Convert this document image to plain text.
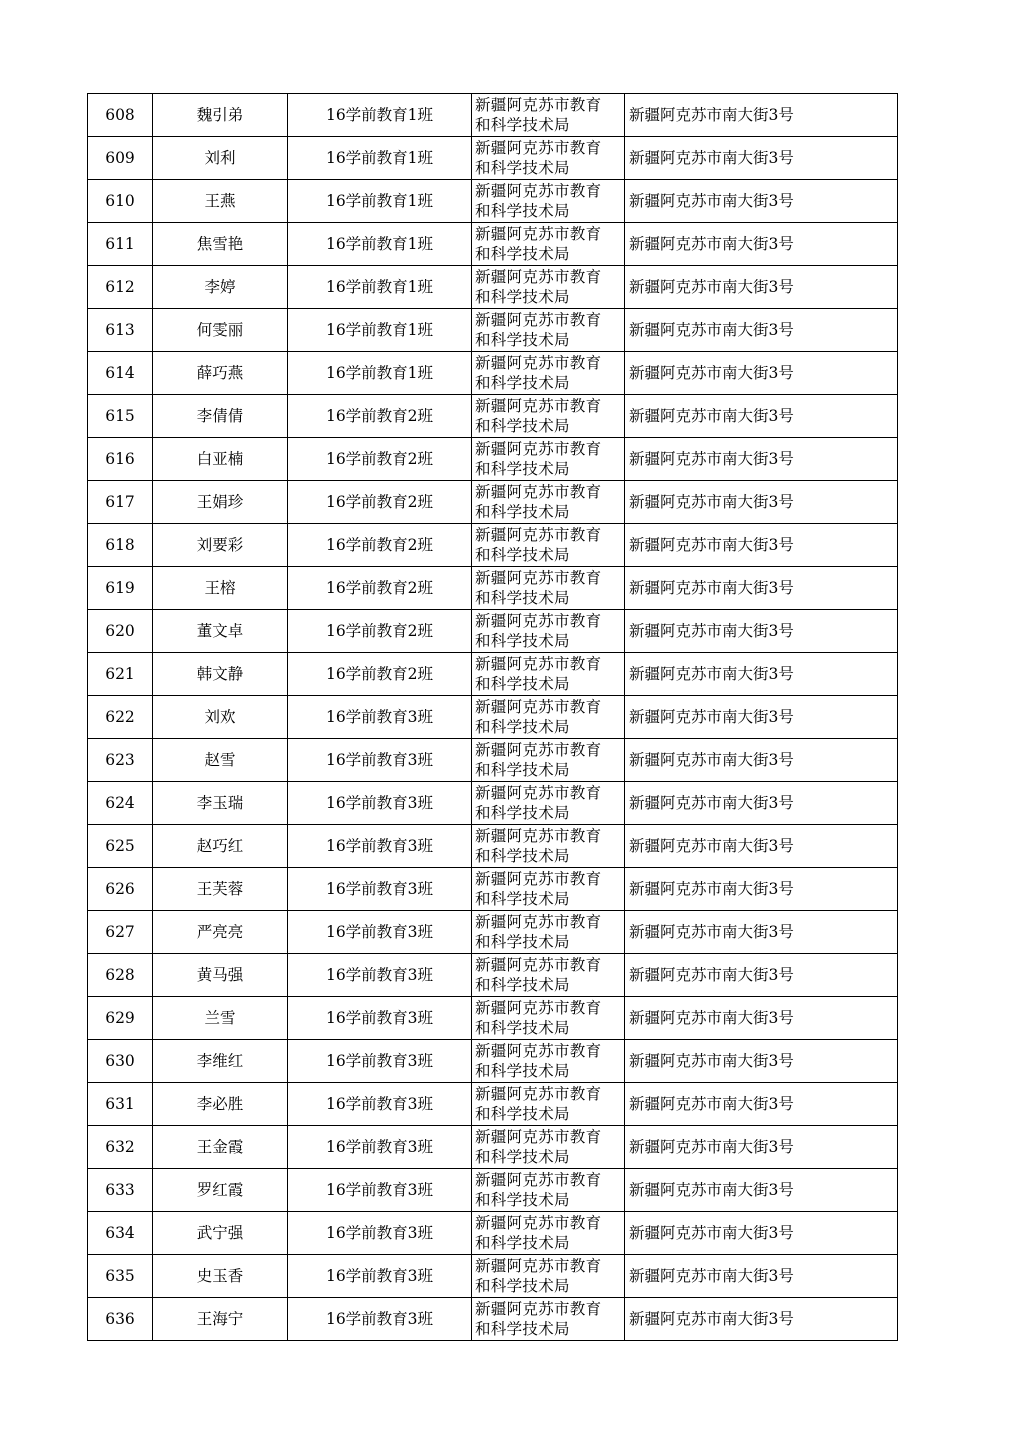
608	魏引弟	16学前教育1班	新疆阿克苏市教育和科学技术局	新疆阿克苏市南大街3号
609	刘利	16学前教育1班	新疆阿克苏市教育和科学技术局	新疆阿克苏市南大街3号
610	王燕	16学前教育1班	新疆阿克苏市教育和科学技术局	新疆阿克苏市南大街3号
611	焦雪艳	16学前教育1班	新疆阿克苏市教育和科学技术局	新疆阿克苏市南大街3号
612	李婷	16学前教育1班	新疆阿克苏市教育和科学技术局	新疆阿克苏市南大街3号
613	何雯丽	16学前教育1班	新疆阿克苏市教育和科学技术局	新疆阿克苏市南大街3号
614	薛巧燕	16学前教育1班	新疆阿克苏市教育和科学技术局	新疆阿克苏市南大街3号
615	李倩倩	16学前教育2班	新疆阿克苏市教育和科学技术局	新疆阿克苏市南大街3号
616	白亚楠	16学前教育2班	新疆阿克苏市教育和科学技术局	新疆阿克苏市南大街3号
617	王娟珍	16学前教育2班	新疆阿克苏市教育和科学技术局	新疆阿克苏市南大街3号
618	刘要彩	16学前教育2班	新疆阿克苏市教育和科学技术局	新疆阿克苏市南大街3号
619	王榕	16学前教育2班	新疆阿克苏市教育和科学技术局	新疆阿克苏市南大街3号
620	董文卓	16学前教育2班	新疆阿克苏市教育和科学技术局	新疆阿克苏市南大街3号
621	韩文静	16学前教育2班	新疆阿克苏市教育和科学技术局	新疆阿克苏市南大街3号
622	刘欢	16学前教育3班	新疆阿克苏市教育和科学技术局	新疆阿克苏市南大街3号
623	赵雪	16学前教育3班	新疆阿克苏市教育和科学技术局	新疆阿克苏市南大街3号
624	李玉瑞	16学前教育3班	新疆阿克苏市教育和科学技术局	新疆阿克苏市南大街3号
625	赵巧红	16学前教育3班	新疆阿克苏市教育和科学技术局	新疆阿克苏市南大街3号
626	王芙蓉	16学前教育3班	新疆阿克苏市教育和科学技术局	新疆阿克苏市南大街3号
627	严亮亮	16学前教育3班	新疆阿克苏市教育和科学技术局	新疆阿克苏市南大街3号
628	黄马强	16学前教育3班	新疆阿克苏市教育和科学技术局	新疆阿克苏市南大街3号
629	兰雪	16学前教育3班	新疆阿克苏市教育和科学技术局	新疆阿克苏市南大街3号
630	李维红	16学前教育3班	新疆阿克苏市教育和科学技术局	新疆阿克苏市南大街3号
631	李必胜	16学前教育3班	新疆阿克苏市教育和科学技术局	新疆阿克苏市南大街3号
632	王金霞	16学前教育3班	新疆阿克苏市教育和科学技术局	新疆阿克苏市南大街3号
633	罗红霞	16学前教育3班	新疆阿克苏市教育和科学技术局	新疆阿克苏市南大街3号
634	武宁强	16学前教育3班	新疆阿克苏市教育和科学技术局	新疆阿克苏市南大街3号
635	史玉香	16学前教育3班	新疆阿克苏市教育和科学技术局	新疆阿克苏市南大街3号
636	王海宁	16学前教育3班	新疆阿克苏市教育和科学技术局	新疆阿克苏市南大街3号
